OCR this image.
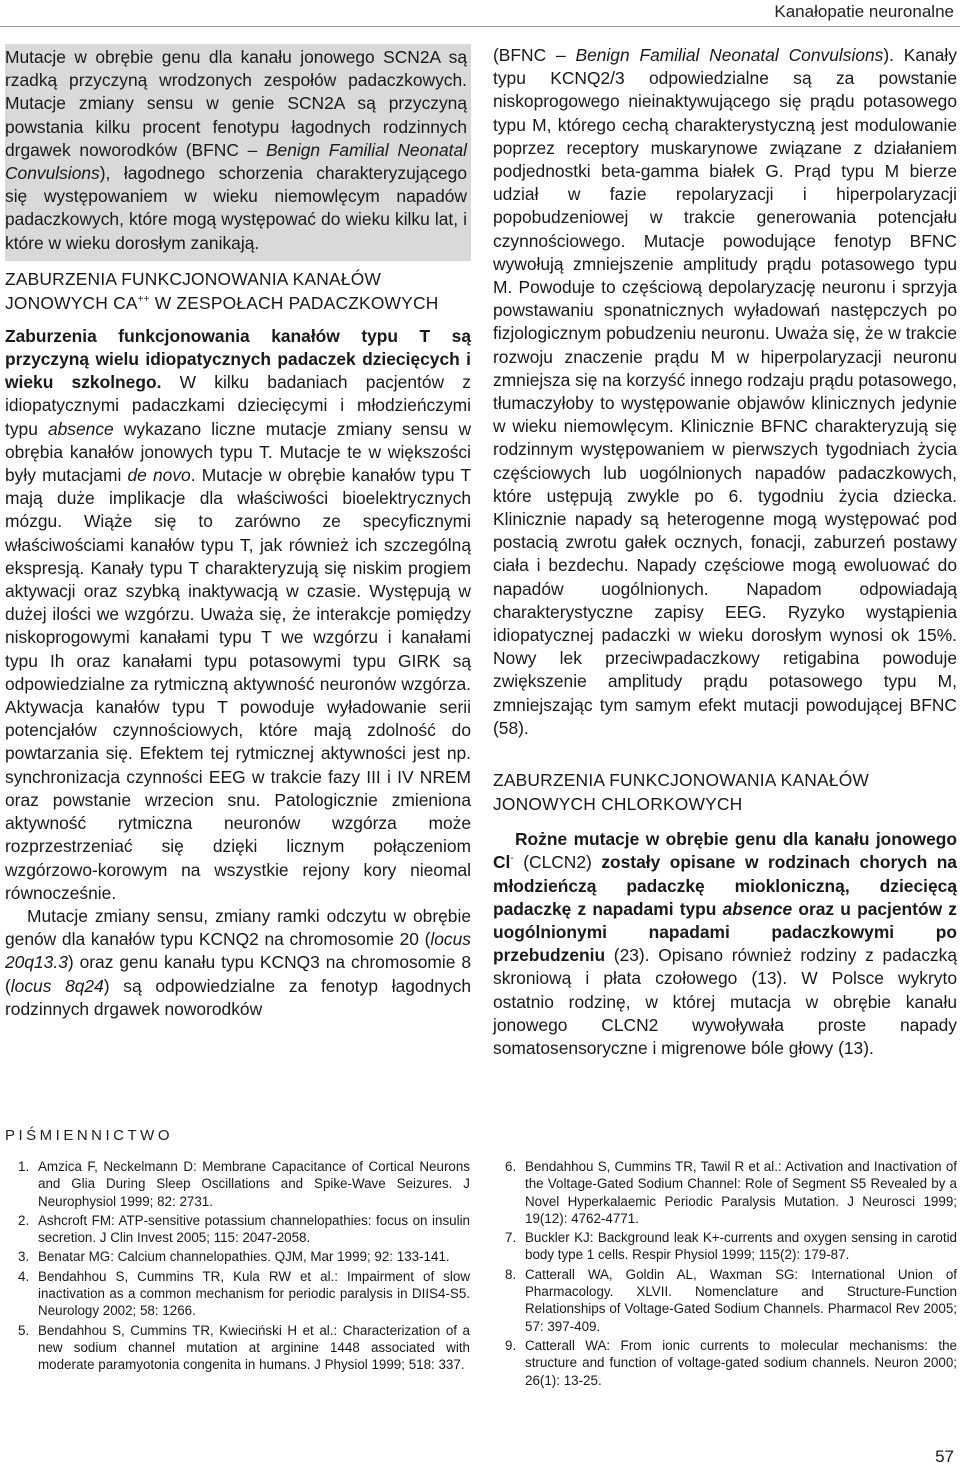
Kanałopatie neuronalne

Mutacje w obrębie genu dla kanału jonowego SCN2A są rzadką przyczyną wrodzonych zespołów padaczkowych. Mutacje zmiany sensu w genie SCN2A są przyczyną powstania kilku procent fenotypu łagodnych rodzinnych drgawek noworodków (BFNC – Benign Familial Neonatal Convulsions), łagodnego schorzenia charakteryzującego się występowaniem w wieku niemowlęcym napadów padaczkowych, które mogą występować do wieku kilku lat, i które w wieku dorosłym zanikają.

ZABURZENIA FUNKCJONOWANIA KANAŁÓW
JONOWYCH CA++ W ZESPOŁACH PADACZKOWYCH

Zaburzenia funkcjonowania kanałów typu T są przyczyną wielu idiopatycznych padaczek dziecięcych i wieku szkolnego. W kilku badaniach pacjentów z idiopatycznymi padaczkami dziecięcymi i młodzieńczymi typu absence wykazano liczne mutacje zmiany sensu w obrębia kanałów jonowych typu T. Mutacje te w większości były mutacjami de novo. Mutacje w obrębie kanałów typu T mają duże implikacje dla właściwości bioelektrycznych mózgu. Wiąże się to zarówno ze specyficznymi właściwościami kanałów typu T, jak również ich szczególną ekspresją. Kanały typu T charakteryzują się niskim progiem aktywacji oraz szybką inaktywacją w czasie. Występują w dużej ilości we wzgórzu. Uważa się, że interakcje pomiędzy niskoprogowymi kanałami typu T we wzgórzu i kanałami typu Ih oraz kanałami typu potasowymi typu GIRK są odpowiedzialne za rytmiczną aktywność neuronów wzgórza. Aktywacja kanałów typu T powoduje wyładowanie serii potencjałów czynnościowych, które mają zdolność do powtarzania się. Efektem tej rytmicznej aktywności jest np. synchronizacja czynności EEG w trakcie fazy III i IV NREM oraz powstanie wrzecion snu. Patologicznie zmieniona aktywność rytmiczna neuronów wzgórza może rozprzestrzeniać się dzięki licznym połączeniom wzgórzowo-korowym na wszystkie rejony kory nieomal równocześnie.

Mutacje zmiany sensu, zmiany ramki odczytu w obrębie genów dla kanałów typu KCNQ2 na chromosomie 20 (locus 20q13.3) oraz genu kanału typu KCNQ3 na chromosomie 8 (locus 8q24) są odpowiedzialne za fenotyp łagodnych rodzinnych drgawek noworodków

(BFNC – Benign Familial Neonatal Convulsions). Kanały typu KCNQ2/3 odpowiedzialne są za powstanie niskoprogowego nieinaktywującego się prądu potasowego typu M, którego cechą charakterystyczną jest modulowanie poprzez receptory muskarynowe związane z działaniem podjednostki beta-gamma białek G. Prąd typu M bierze udział w fazie repolaryzacji i hiperpolaryzacji popobudzeniowej w trakcie generowania potencjału czynnościowego. Mutacje powodujące fenotyp BFNC wywołują zmniejszenie amplitudy prądu potasowego typu M. Powoduje to częściową depolaryzację neuronu i sprzyja powstawaniu sponatnicznych wyładowań następczych po fizjologicznym pobudzeniu neuronu. Uważa się, że w trakcie rozwoju znaczenie prądu M w hiperpolaryzacji neuronu zmniejsza się na korzyść innego rodzaju prądu potasowego, tłumaczyłoby to występowanie objawów klinicznych jedynie w wieku niemowlęcym. Klinicznie BFNC charakteryzują się rodzinnym występowaniem w pierwszych tygodniach życia częściowych lub uogólnionych napadów padaczkowych, które ustępują zwykle po 6. tygodniu życia dziecka. Klinicznie napady są heterogenne mogą występować pod postacią zwrotu gałek ocznych, fonacji, zaburzeń postawy ciała i bezdechu. Napady częściowe mogą ewoluować do napadów uogólnionych. Napadom odpowiadają charakterystyczne zapisy EEG. Ryzyko wystąpienia idiopatycznej padaczki w wieku dorosłym wynosi ok 15%. Nowy lek przeciwpadaczkowy retigabina powoduje zwiększenie amplitudy prądu potasowego typu M, zmniejszając tym samym efekt mutacji powodującej BFNC (58).

ZABURZENIA FUNKCJONOWANIA KANAŁÓW
JONOWYCH CHLORKOWYCH

Rożne mutacje w obrębie genu dla kanału jonowego Cl- (CLCN2) zostały opisane w rodzinach chorych na młodzieńczą padaczkę miokloniczną, dziecięcą padaczkę z napadami typu absence oraz u pacjentów z uogólnionymi napadami padaczkowymi po przebudzeniu (23). Opisano również rodziny z padaczką skroniową i płata czołowego (13). W Polsce wykryto ostatnio rodzinę, w której mutacja w obrębie kanału jonowego CLCN2 wywoływała proste napady somatosensoryczne i migrenowe bóle głowy (13).

PIŚMIENNICTWO
1. Amzica F, Neckelmann D: Membrane Capacitance of Cortical Neurons and Glia During Sleep Oscillations and Spike-Wave Seizures. J Neurophysiol 1999; 82: 2731.
2. Ashcroft FM: ATP-sensitive potassium channelopathies: focus on insulin secretion. J Clin Invest 2005; 115: 2047-2058.
3. Benatar MG: Calcium channelopathies. QJM, Mar 1999; 92: 133-141.
4. Bendahhou S, Cummins TR, Kula RW et al.: Impairment of slow inactivation as a common mechanism for periodic paralysis in DIIS4-S5. Neurology 2002; 58: 1266.
5. Bendahhou S, Cummins TR, Kwieciński H et al.: Characterization of a new sodium channel mutation at arginine 1448 associated with moderate paramyotonia congenita in humans. J Physiol 1999; 518: 337.
6. Bendahhou S, Cummins TR, Tawil R et al.: Activation and Inactivation of the Voltage-Gated Sodium Channel: Role of Segment S5 Revealed by a Novel Hyperkalaemic Periodic Paralysis Mutation. J Neurosci 1999; 19(12): 4762-4771.
7. Buckler KJ: Background leak K+-currents and oxygen sensing in carotid body type 1 cells. Respir Physiol 1999; 115(2): 179-87.
8. Catterall WA, Goldin AL, Waxman SG: International Union of Pharmacology. XLVII. Nomenclature and Structure-Function Relationships of Voltage-Gated Sodium Channels. Pharmacol Rev 2005; 57: 397-409.
9. Catterall WA: From ionic currents to molecular mechanisms: the structure and function of voltage-gated sodium channels. Neuron 2000; 26(1): 13-25.
57
